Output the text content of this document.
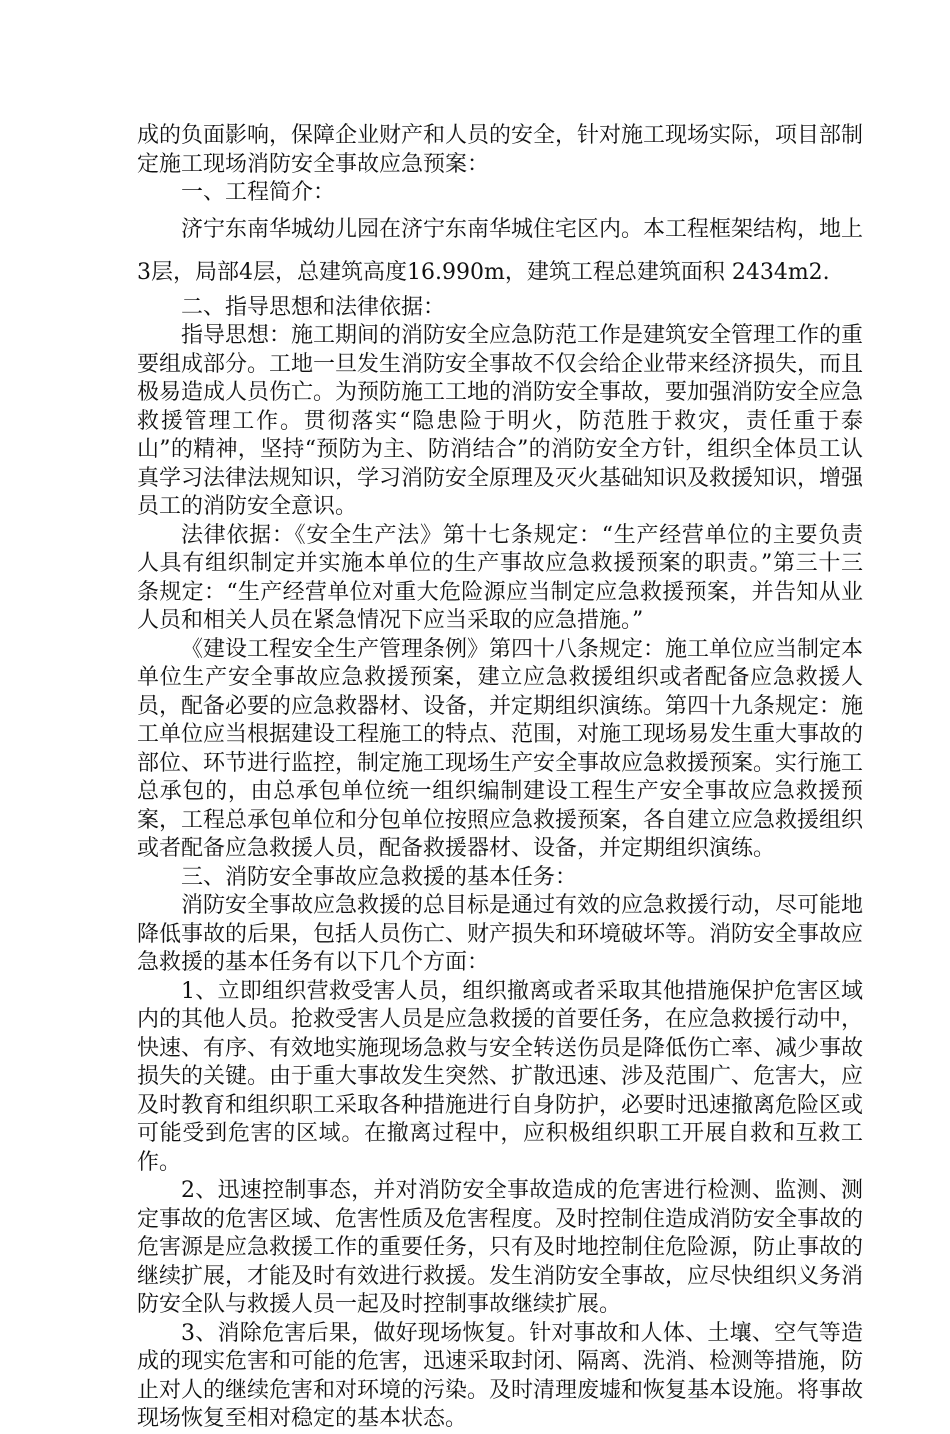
成的负面影响，保障企业财产和人员的安全，针对施工现场实际，项目部制定施工现场消防安全事故应急预案：

一、工程简介：

济宁东南华城幼儿园在济宁东南华城住宅区内。本工程框架结构，地上3层，局部4层，总建筑高度16.990m，建筑工程总建筑面积 2434m2.

二、指导思想和法律依据：

指导思想：施工期间的消防安全应急防范工作是建筑安全管理工作的重要组成部分。工地一旦发生消防安全事故不仅会给企业带来经济损失，而且极易造成人员伤亡。为预防施工工地的消防安全事故，要加强消防安全应急救援管理工作。贯彻落实“隐患险于明火，防范胜于救灾，责任重于泰山”的精神，坚持“预防为主、防消结合”的消防安全方针，组织全体员工认真学习法律法规知识，学习消防安全原理及灭火基础知识及救援知识，增强员工的消防安全意识。

法律依据：《安全生产法》第十七条规定：“生产经营单位的主要负责人具有组织制定并实施本单位的生产事故应急救援预案的职责。”第三十三条规定：“生产经营单位对重大危险源应当制定应急救援预案，并告知从业人员和相关人员在紧急情况下应当采取的应急措施。”

《建设工程安全生产管理条例》第四十八条规定：施工单位应当制定本单位生产安全事故应急救援预案，建立应急救援组织或者配备应急救援人员，配备必要的应急救器材、设备，并定期组织演练。第四十九条规定：施工单位应当根据建设工程施工的特点、范围，对施工现场易发生重大事故的部位、环节进行监控，制定施工现场生产安全事故应急救援预案。实行施工总承包的，由总承包单位统一组织编制建设工程生产安全事故应急救援预案，工程总承包单位和分包单位按照应急救援预案，各自建立应急救援组织或者配备应急救援人员，配备救援器材、设备，并定期组织演练。

三、消防安全事故应急救援的基本任务：

消防安全事故应急救援的总目标是通过有效的应急救援行动，尽可能地降低事故的后果，包括人员伤亡、财产损失和环境破坏等。消防安全事故应急救援的基本任务有以下几个方面：

1、立即组织营救受害人员，组织撤离或者采取其他措施保护危害区域内的其他人员。抢救受害人员是应急救援的首要任务，在应急救援行动中，快速、有序、有效地实施现场急救与安全转送伤员是降低伤亡率、减少事故损失的关键。由于重大事故发生突然、扩散迅速、涉及范围广、危害大，应及时教育和组织职工采取各种措施进行自身防护，必要时迅速撤离危险区或可能受到危害的区域。在撤离过程中，应积极组织职工开展自救和互救工作。

2、迅速控制事态，并对消防安全事故造成的危害进行检测、监测、测定事故的危害区域、危害性质及危害程度。及时控制住造成消防安全事故的危害源是应急救援工作的重要任务，只有及时地控制住危险源，防止事故的继续扩展，才能及时有效进行救援。发生消防安全事故，应尽快组织义务消防安全队与救援人员一起及时控制事故继续扩展。

3、消除危害后果，做好现场恢复。针对事故和人体、土壤、空气等造成的现实危害和可能的危害，迅速采取封闭、隔离、洗消、检测等措施，防止对人的继续危害和对环境的污染。及时清理废墟和恢复基本设施。将事故现场恢复至相对稳定的基本状态。
